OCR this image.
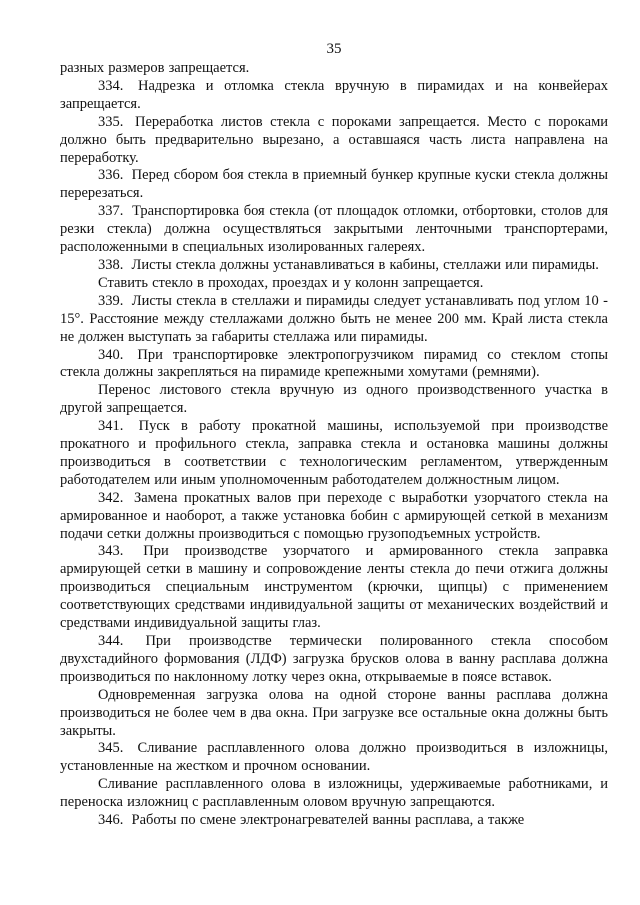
35

разных размеров запрещается.

334. Надрезка и отломка стекла вручную в пирамидах и на конвейерах запрещается.

335. Переработка листов стекла с пороками запрещается. Место с пороками должно быть предварительно вырезано, а оставшаяся часть листа направлена на переработку.

336. Перед сбором боя стекла в приемный бункер крупные куски стекла должны перерезаться.

337. Транспортировка боя стекла (от площадок отломки, отбортовки, столов для резки стекла) должна осуществляться закрытыми ленточными транспортерами, расположенными в специальных изолированных галереях.

338. Листы стекла должны устанавливаться в кабины, стеллажи или пирамиды.

Ставить стекло в проходах, проездах и у колонн запрещается.

339. Листы стекла в стеллажи и пирамиды следует устанавливать под углом 10 - 15°. Расстояние между стеллажами должно быть не менее 200 мм. Край листа стекла не должен выступать за габариты стеллажа или пирамиды.

340. При транспортировке электропогрузчиком пирамид со стеклом стопы стекла должны закрепляться на пирамиде крепежными хомутами (ремнями).

Перенос листового стекла вручную из одного производственного участка в другой запрещается.

341. Пуск в работу прокатной машины, используемой при производстве прокатного и профильного стекла, заправка стекла и остановка машины должны производиться в соответствии с технологическим регламентом, утвержденным работодателем или иным уполномоченным работодателем должностным лицом.

342. Замена прокатных валов при переходе с выработки узорчатого стекла на армированное и наоборот, а также установка бобин с армирующей сеткой в механизм подачи сетки должны производиться с помощью грузоподъемных устройств.

343. При производстве узорчатого и армированного стекла заправка армирующей сетки в машину и сопровождение ленты стекла до печи отжига должны производиться специальным инструментом (крючки, щипцы) с применением соответствующих средствами индивидуальной защиты от механических воздействий и средствами индивидуальной защиты глаз.

344. При производстве термически полированного стекла способом двухстадийного формования (ЛДФ) загрузка брусков олова в ванну расплава должна производиться по наклонному лотку через окна, открываемые в поясе вставок.

Одновременная загрузка олова на одной стороне ванны расплава должна производиться не более чем в два окна. При загрузке все остальные окна должны быть закрыты.

345. Сливание расплавленного олова должно производиться в изложницы, установленные на жестком и прочном основании.

Сливание расплавленного олова в изложницы, удерживаемые работниками, и переноска изложниц с расплавленным оловом вручную запрещаются.

346. Работы по смене электронагревателей ванны расплава, а также
